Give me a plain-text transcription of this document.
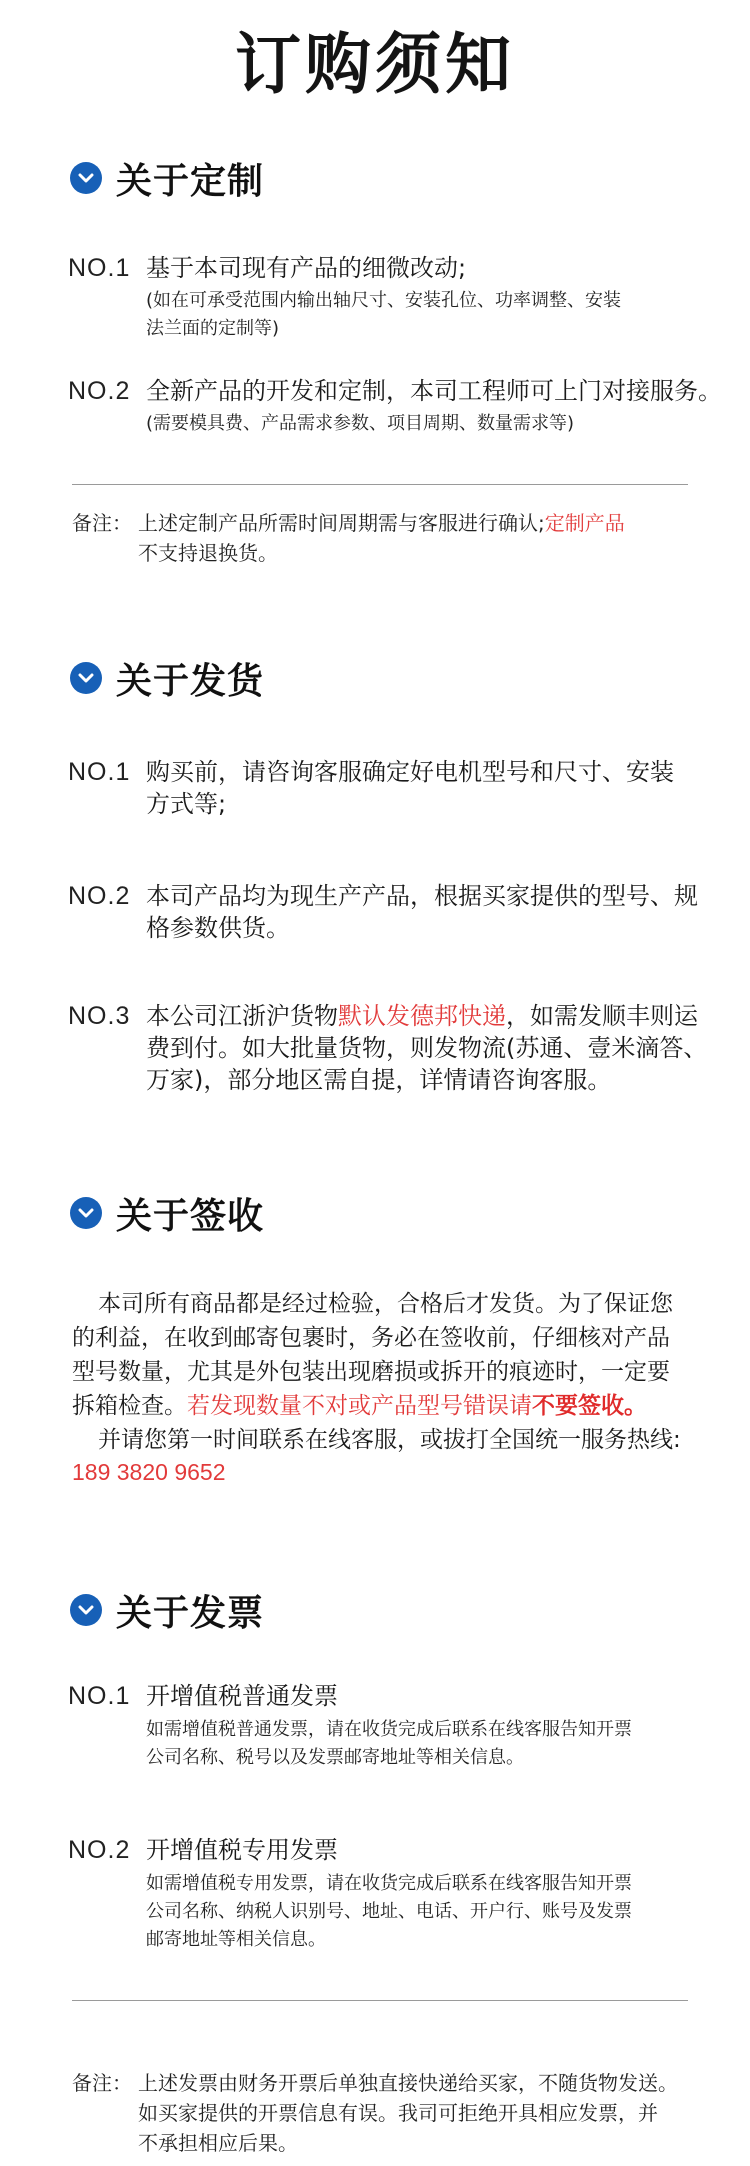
订购须知
关于定制
NO.1 基于本司现有产品的细微改动;
(如在可承受范围内输出轴尺寸、安装孔位、功率调整、安装
法兰面的定制等)
NO.2 全新产品的开发和定制，本司工程师可上门对接服务。
(需要模具费、产品需求参数、项目周期、数量需求等)
备注： 上述定制产品所需时间周期需与客服进行确认;定制产品
不支持退换货。
关于发货
NO.1 购买前，请咨询客服确定好电机型号和尺寸、安装
方式等;
NO.2 本司产品均为现生产产品，根据买家提供的型号、规
格参数供货。
NO.3 本公司江浙沪货物默认发德邦快递，如需发顺丰则运
费到付。如大批量货物，则发物流(苏通、壹米滴答、
万家)，部分地区需自提，详情请咨询客服。
关于签收
本司所有商品都是经过检验，合格后才发货。为了保证您
的利益，在收到邮寄包裹时，务必在签收前，仔细核对产品
型号数量，尤其是外包装出现磨损或拆开的痕迹时，一定要
拆箱检查。若发现数量不对或产品型号错误请不要签收。
并请您第一时间联系在线客服，或拔打全国统一服务热线:
189 3820 9652
关于发票
NO.1 开增值税普通发票
如需增值税普通发票，请在收货完成后联系在线客服告知开票
公司名称、税号以及发票邮寄地址等相关信息。
NO.2 开增值税专用发票
如需增值税专用发票，请在收货完成后联系在线客服告知开票
公司名称、纳税人识别号、地址、电话、开户行、账号及发票
邮寄地址等相关信息。
备注： 上述发票由财务开票后单独直接快递给买家，不随货物发送。
如买家提供的开票信息有误。我司可拒绝开具相应发票，并
不承担相应后果。
